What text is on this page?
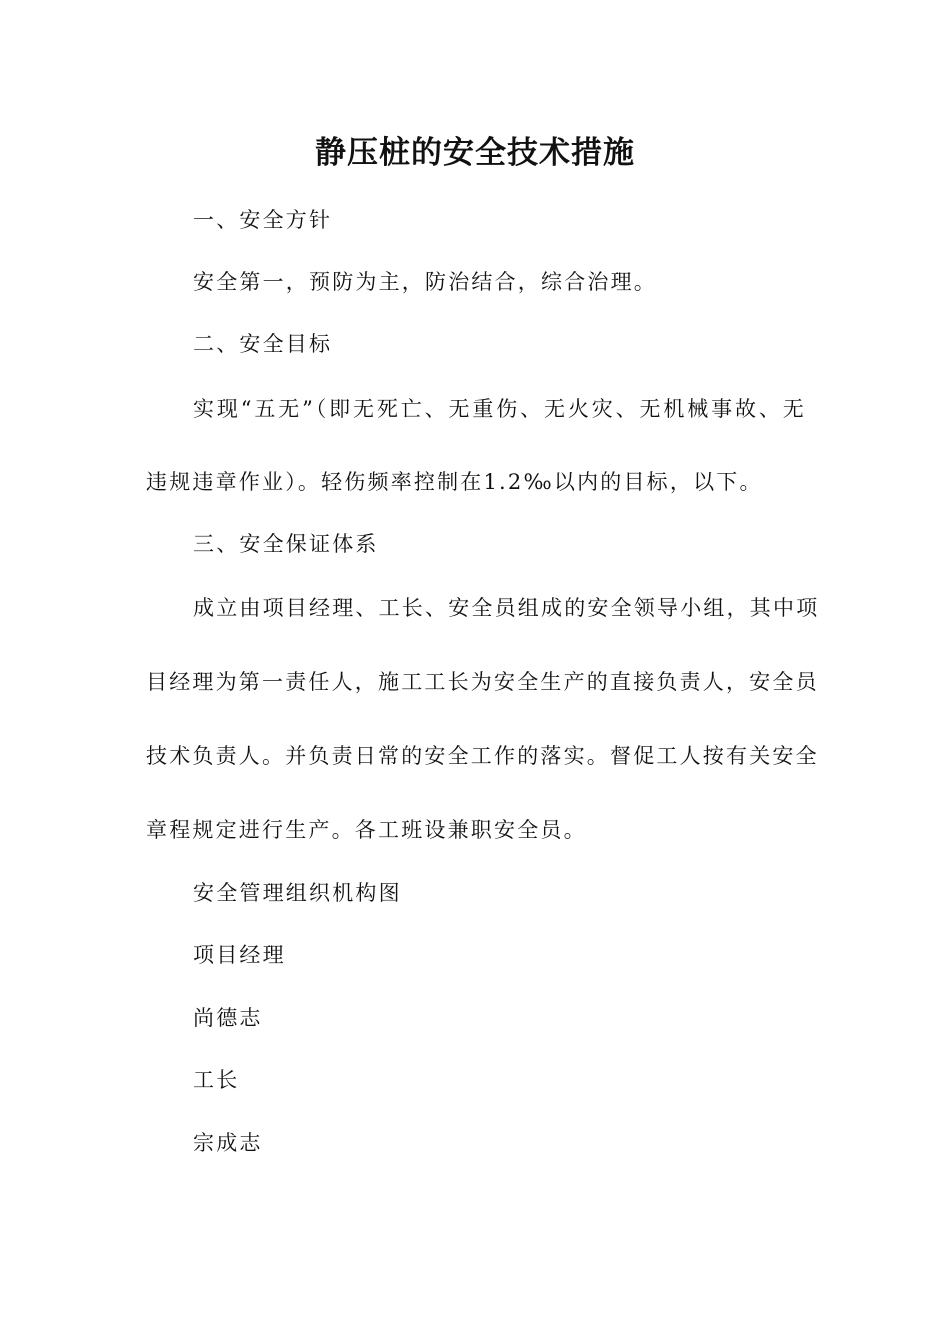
静压桩的安全技术措施

一、安全方针

安全第一，预防为主，防治结合，综合治理。

二、安全目标

实现“五无”（即无死亡、无重伤、无火灾、无机械事故、无

违规违章作业）。轻伤频率控制在1.2‰以内的目标，以下。

三、安全保证体系

成立由项目经理、工长、安全员组成的安全领导小组，其中项

目经理为第一责任人，施工工长为安全生产的直接负责人，安全员

技术负责人。并负责日常的安全工作的落实。督促工人按有关安全

章程规定进行生产。各工班设兼职安全员。

安全管理组织机构图

项目经理

尚德志

工长

宗成志
